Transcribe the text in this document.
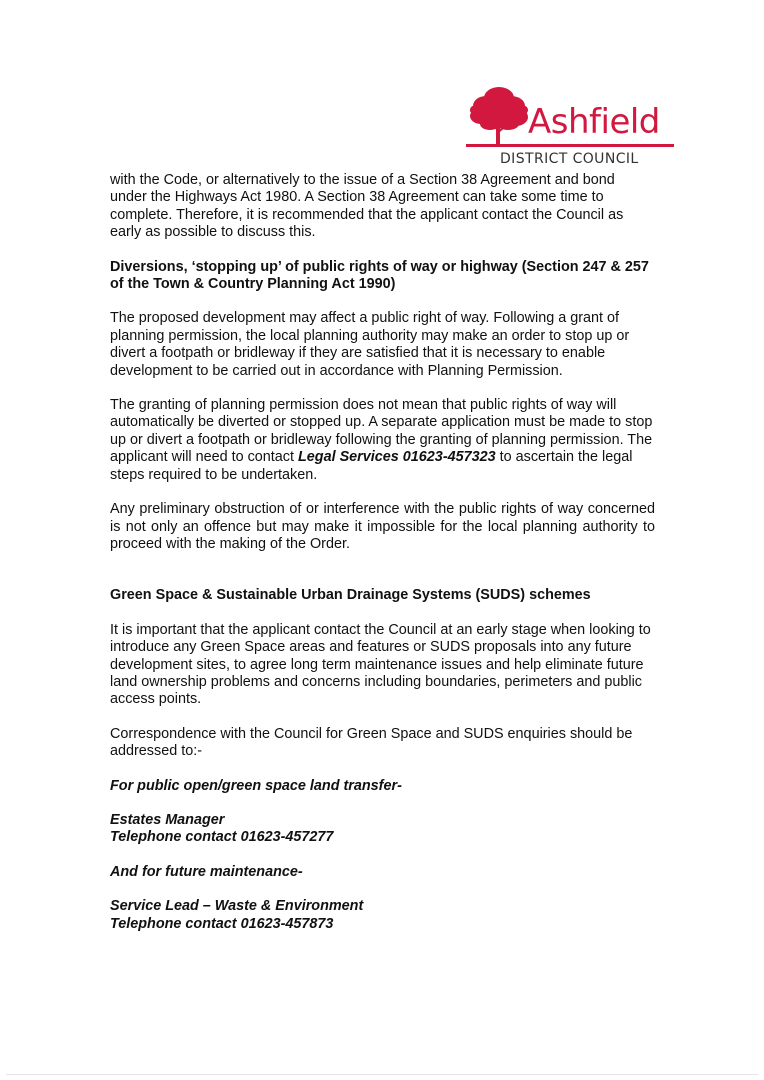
Ashfield
DISTRICT COUNCIL

with the Code, or alternatively to the issue of a Section 38 Agreement and bond under the Highways Act 1980. A Section 38 Agreement can take some time to complete. Therefore, it is recommended that the applicant contact the Council as early as possible to discuss this.

Diversions, ‘stopping up’ of public rights of way or highway (Section 247 & 257 of the Town & Country Planning Act 1990)

The proposed development may affect a public right of way. Following a grant of planning permission, the local planning authority may make an order to stop up or divert a footpath or bridleway if they are satisfied that it is necessary to enable development to be carried out in accordance with Planning Permission.

The granting of planning permission does not mean that public rights of way will automatically be diverted or stopped up. A separate application must be made to stop up or divert a footpath or bridleway following the granting of planning permission. The applicant will need to contact Legal Services 01623-457323 to ascertain the legal steps required to be undertaken.

Any preliminary obstruction of or interference with the public rights of way concerned is not only an offence but may make it impossible for the local planning authority to proceed with the making of the Order.

Green Space & Sustainable Urban Drainage Systems (SUDS) schemes

It is important that the applicant contact the Council at an early stage when looking to introduce any Green Space areas and features or SUDS proposals into any future development sites, to agree long term maintenance issues and help eliminate future land ownership problems and concerns including boundaries, perimeters and public access points.

Correspondence with the Council for Green Space and SUDS enquiries should be addressed to:-

For public open/green space land transfer-

Estates Manager

Telephone contact 01623-457277

And for future maintenance-

Service Lead – Waste & Environment

Telephone contact 01623-457873
